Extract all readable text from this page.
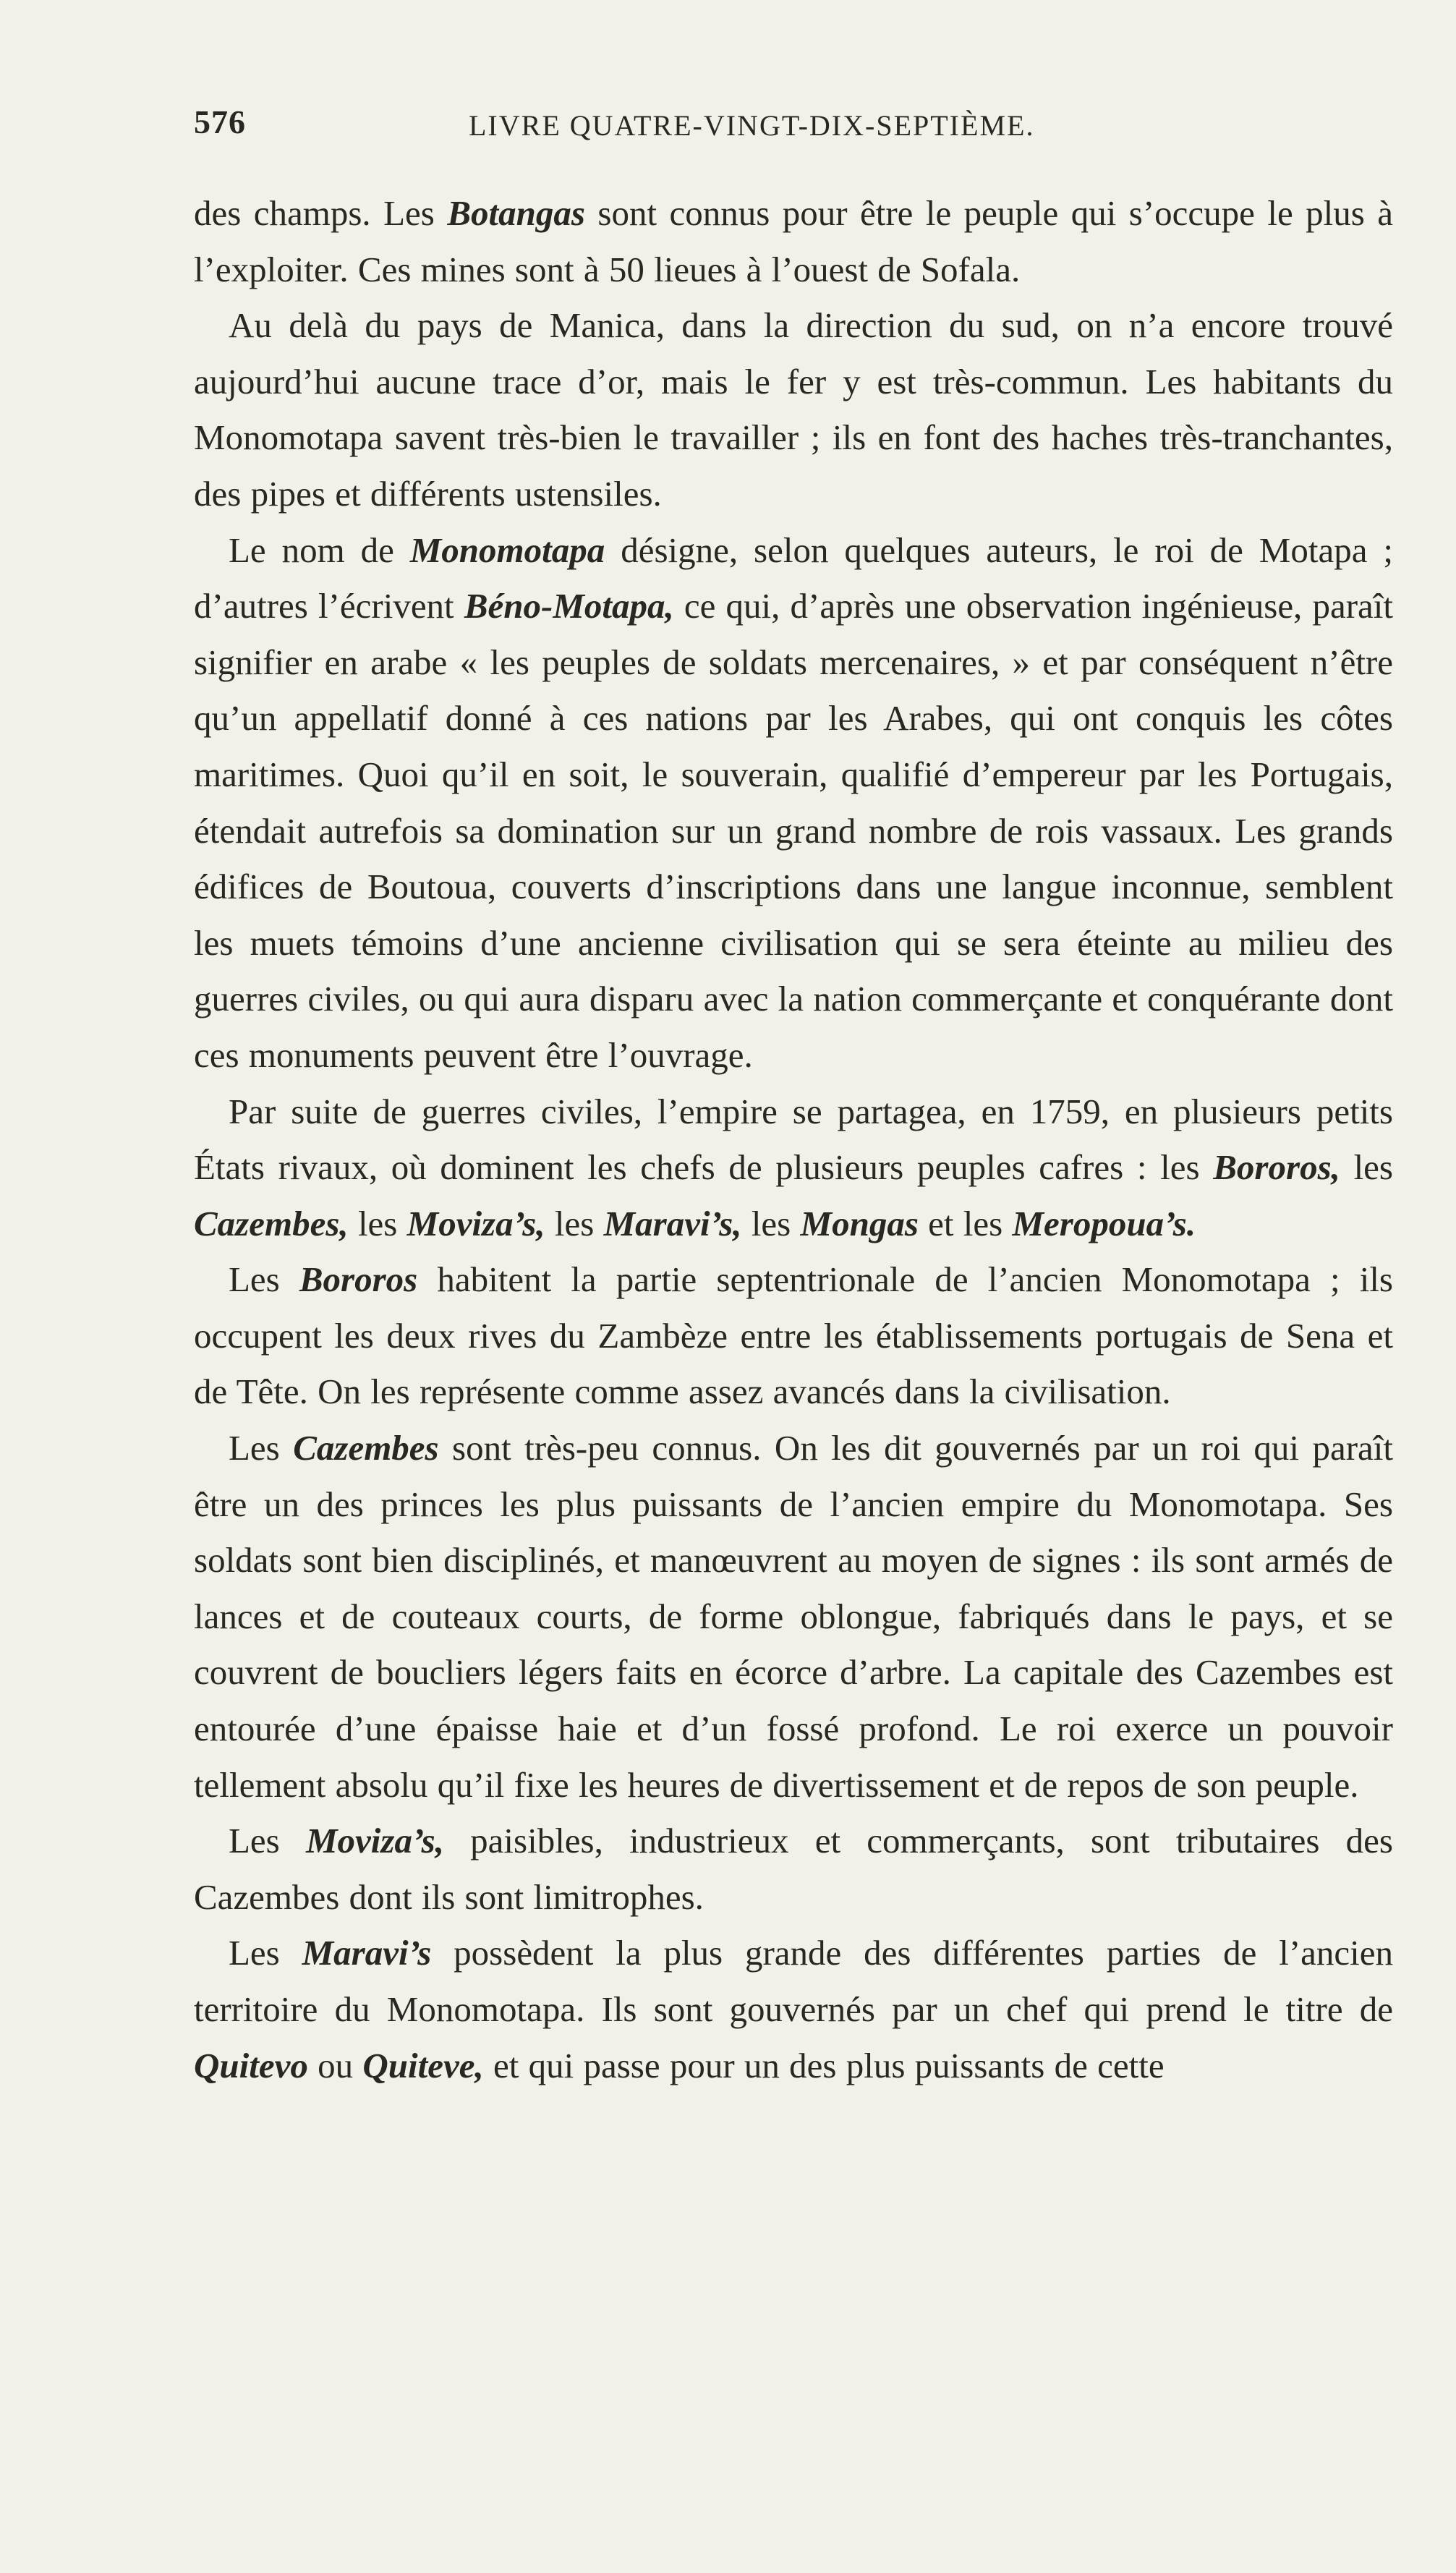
576	LIVRE QUATRE-VINGT-DIX-SEPTIÈME.

des champs. Les Botangas sont connus pour être le peuple qui s’occupe le plus à l’exploiter. Ces mines sont à 50 lieues à l’ouest de Sofala.

Au delà du pays de Manica, dans la direction du sud, on n’a encore trouvé aujourd’hui aucune trace d’or, mais le fer y est très-commun. Les habitants du Monomotapa savent très-bien le travailler ; ils en font des haches très-tranchantes, des pipes et différents ustensiles.

Le nom de Monomotapa désigne, selon quelques auteurs, le roi de Motapa ; d’autres l’écrivent Béno-Motapa, ce qui, d’après une observation ingénieuse, paraît signifier en arabe « les peuples de soldats mercenaires, » et par conséquent n’être qu’un appellatif donné à ces nations par les Arabes, qui ont conquis les côtes maritimes. Quoi qu’il en soit, le souverain, qualifié d’empereur par les Portugais, étendait autrefois sa domination sur un grand nombre de rois vassaux. Les grands édifices de Boutoua, couverts d’inscriptions dans une langue inconnue, semblent les muets témoins d’une ancienne civilisation qui se sera éteinte au milieu des guerres civiles, ou qui aura disparu avec la nation commerçante et conquérante dont ces monuments peuvent être l’ouvrage.

Par suite de guerres civiles, l’empire se partagea, en 1759, en plusieurs petits États rivaux, où dominent les chefs de plusieurs peuples cafres : les Bororos, les Cazembes, les Moviza’s, les Maravi’s, les Mongas et les Meropoua’s.

Les Bororos habitent la partie septentrionale de l’ancien Monomotapa ; ils occupent les deux rives du Zambèze entre les établissements portugais de Sena et de Tête. On les représente comme assez avancés dans la civilisation.

Les Cazembes sont très-peu connus. On les dit gouvernés par un roi qui paraît être un des princes les plus puissants de l’ancien empire du Monomotapa. Ses soldats sont bien disciplinés, et manœuvrent au moyen de signes : ils sont armés de lances et de couteaux courts, de forme oblongue, fabriqués dans le pays, et se couvrent de boucliers légers faits en écorce d’arbre. La capitale des Cazembes est entourée d’une épaisse haie et d’un fossé profond. Le roi exerce un pouvoir tellement absolu qu’il fixe les heures de divertissement et de repos de son peuple.

Les Moviza’s, paisibles, industrieux et commerçants, sont tributaires des Cazembes dont ils sont limitrophes.

Les Maravi’s possèdent la plus grande des différentes parties de l’ancien territoire du Monomotapa. Ils sont gouvernés par un chef qui prend le titre de Quitevo ou Quiteve, et qui passe pour un des plus puissants de cette
